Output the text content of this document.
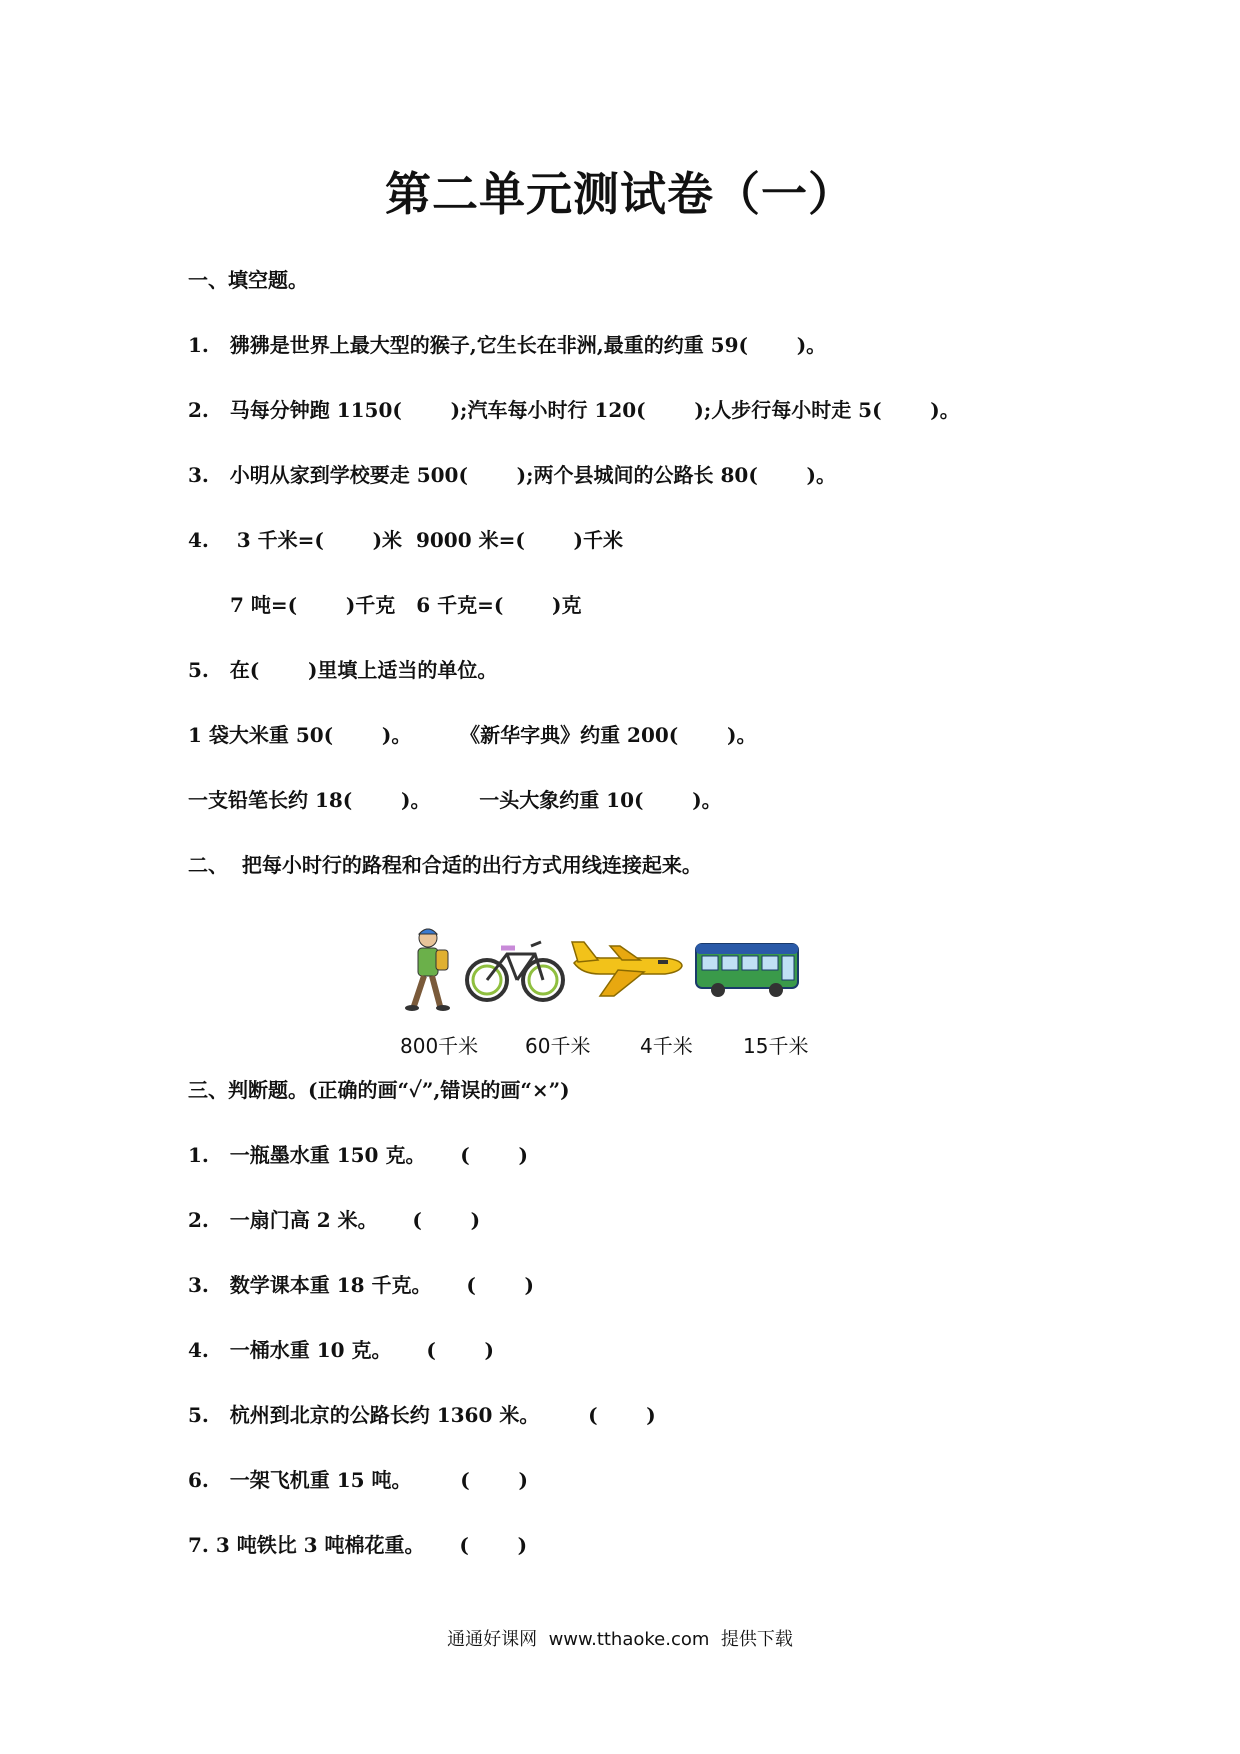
第二单元测试卷（一）
一、填空题。
1.   狒狒是世界上最大型的猴子,它生长在非洲,最重的约重 59(       )。
2.   马每分钟跑 1150(       );汽车每小时行 120(       );人步行每小时走 5(       )。
3.   小明从家到学校要走 500(       );两个县城间的公路长 80(       )。
4.    3 千米=(       )米  9000 米=(       )千米
7 吨=(       )千克   6 千克=(       )克
5.   在(       )里填上适当的单位。
1 袋大米重 50(       )。       《新华字典》约重 200(       )。
一支铅笔长约 18(       )。       一头大象约重 10(       )。
二、  把每小时行的路程和合适的出行方式用线连接起来。
800千米 60千米 4千米	15千米
三、判断题。(正确的画“✓”,错误的画“×”)
1.   一瓶墨水重 150 克。     (       )
2.   一扇门高 2 米。     (       )
3.   数学课本重 18 千克。     (       )
4.   一桶水重 10 克。     (       )
5.   杭州到北京的公路长约 1360 米。       (       )
6.   一架飞机重 15 吨。       (       )
7. 3 吨铁比 3 吨棉花重。     (       )
通通好课网  www.tthaoke.com  提供下载
